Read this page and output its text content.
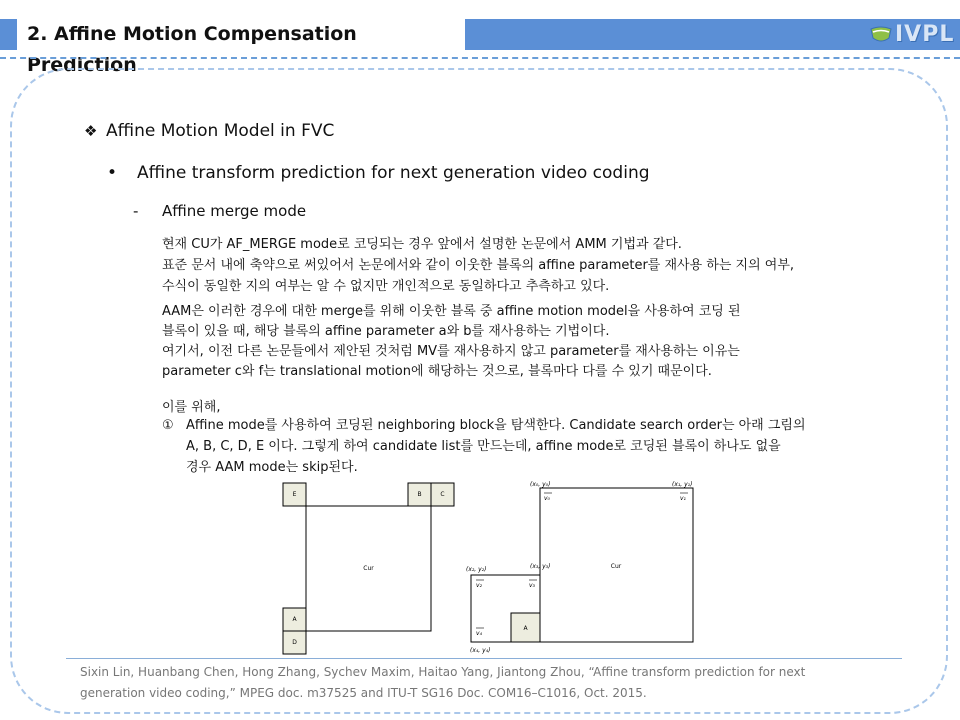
2. Affine Motion Compensation Prediction
IVPL
❖ Affine Motion Model in FVC
• Affine transform prediction for next generation video coding
- Affine merge mode
현재 CU가 AF_MERGE mode로 코딩되는 경우 앞에서 설명한 논문에서 AMM 기법과 같다.
표준 문서 내에 축약으로 써있어서 논문에서와 같이 이웃한 블록의 affine parameter를 재사용 하는 지의 여부,
수식이 동일한 지의 여부는 알 수 없지만 개인적으로 동일하다고 추측하고 있다.
AAM은 이러한 경우에 대한 merge를 위해 이웃한 블록 중 affine motion model을 사용하여 코딩 된
블록이 있을 때, 해당 블록의 affine parameter a와 b를 재사용하는 기법이다.
여기서, 이전 다른 논문들에서 제안된 것처럼 MV를 재사용하지 않고 parameter를 재사용하는 이유는
parameter c와 f는 translational motion에 해당하는 것으로, 블록마다 다를 수 있기 때문이다.
이를 위해,
① Affine mode를 사용하여 코딩된 neighboring block을 탐색한다. Candidate search order는 아래 그림의
A, B, C, D, E 이다. 그렇게 하여 candidate list를 만드는데, affine mode로 코딩된 블록이 하나도 없을
경우 AAM mode는 skip된다.
E	B	C
A
D
Cur	Cur
A
(x₀, y₀)	(x₁, y₁)
(x₂, y₂)	(x₃, y₃)
(x₄, y₄)
v₀	v₁
v₂	v₃
v₄
Sixin Lin, Huanbang Chen, Hong Zhang, Sychev Maxim, Haitao Yang, Jiantong Zhou, “Affine transform prediction for next
generation video coding,” MPEG doc. m37525 and ITU-T SG16 Doc. COM16–C1016, Oct. 2015.
